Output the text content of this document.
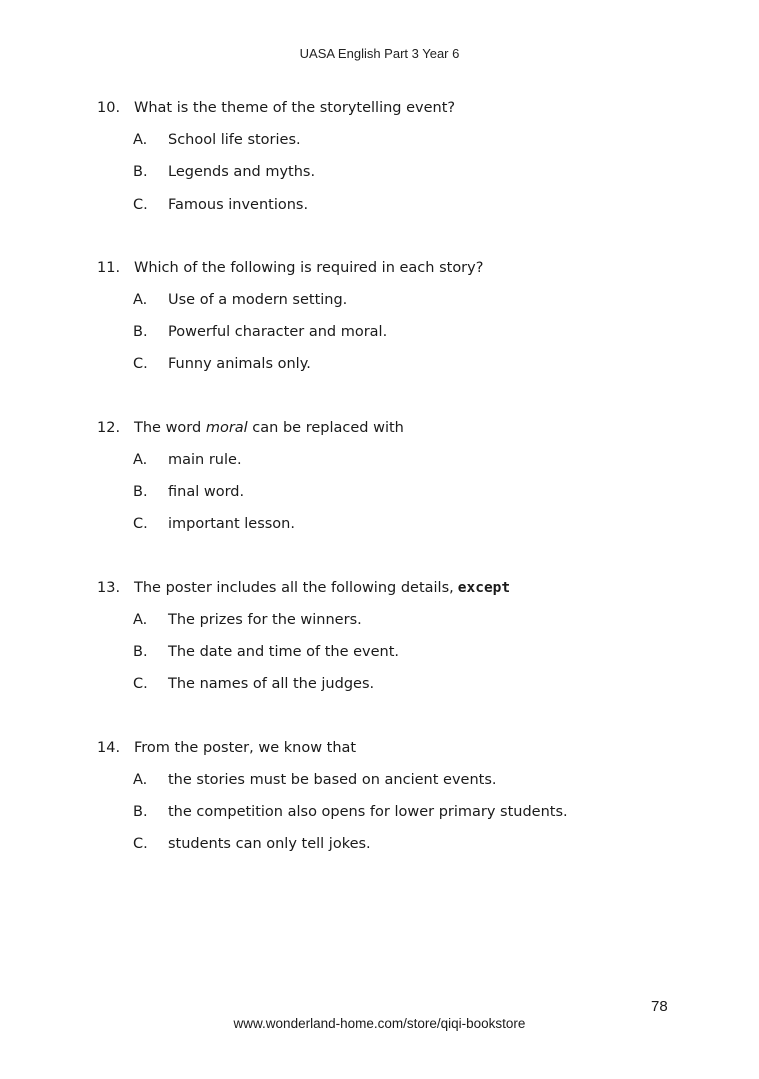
UASA English Part 3 Year 6
10. What is the theme of the storytelling event?
A. School life stories.
B. Legends and myths.
C. Famous inventions.
11. Which of the following is required in each story?
A. Use of a modern setting.
B. Powerful character and moral.
C. Funny animals only.
12. The word moral can be replaced with
A. main rule.
B. final word.
C. important lesson.
13. The poster includes all the following details, except
A. The prizes for the winners.
B. The date and time of the event.
C. The names of all the judges.
14. From the poster, we know that
A. the stories must be based on ancient events.
B. the competition also opens for lower primary students.
C. students can only tell jokes.
78
www.wonderland-home.com/store/qiqi-bookstore
